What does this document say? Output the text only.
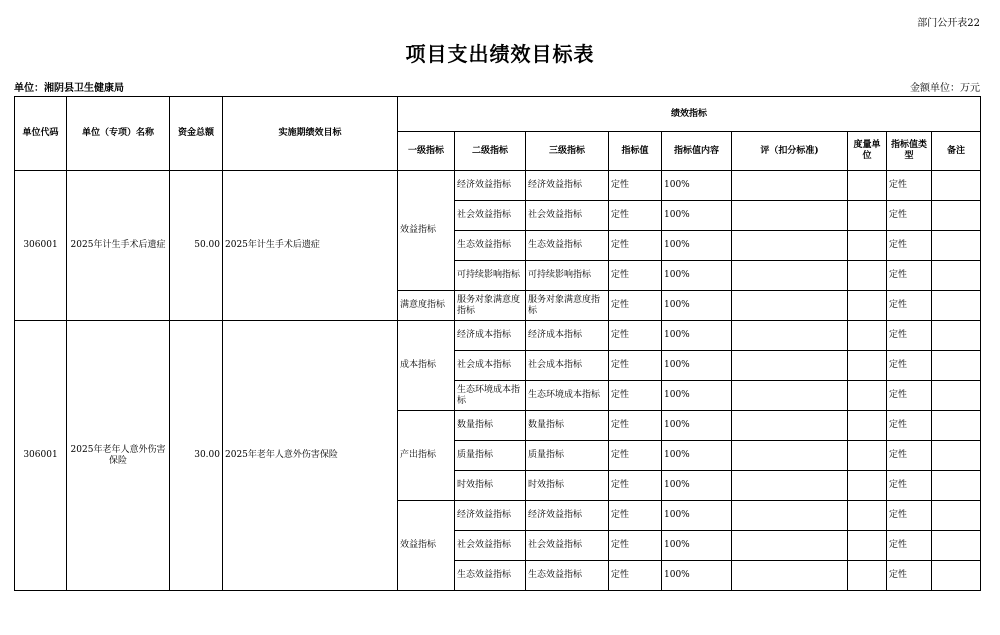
部门公开表22
项目支出绩效目标表
单位：湘阴县卫生健康局	金额单位：万元
单位代码	单位（专项）名称	资金总额	实施期绩效目标	绩效指标								
				一级指标	二级指标	三级指标	指标值	指标值内容	评（扣分标准)	度量单位	指标值类型	备注
306001	2025年计生手术后遗症	50.00	2025年计生手术后遗症	效益指标	经济效益指标	经济效益指标	定性	100%			定性	
					社会效益指标	社会效益指标	定性	100%			定性	
					生态效益指标	生态效益指标	定性	100%			定性	
					可持续影响指标	可持续影响指标	定性	100%			定性	
				满意度指标	服务对象满意度指标	服务对象满意度指标	定性	100%			定性	
306001	2025年老年人意外伤害保险	30.00	2025年老年人意外伤害保险	成本指标	经济成本指标	经济成本指标	定性	100%			定性	
					社会成本指标	社会成本指标	定性	100%			定性	
					生态环境成本指标	生态环境成本指标	定性	100%			定性	
				产出指标	数量指标	数量指标	定性	100%			定性	
					质量指标	质量指标	定性	100%			定性	
					时效指标	时效指标	定性	100%			定性	
				效益指标	经济效益指标	经济效益指标	定性	100%			定性	
					社会效益指标	社会效益指标	定性	100%			定性	
					生态效益指标	生态效益指标	定性	100%			定性	
